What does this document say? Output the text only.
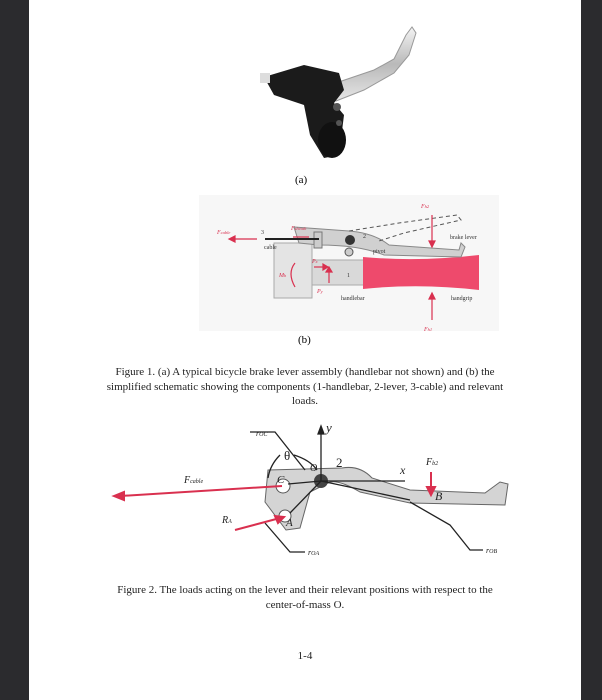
(a)
Fcable
Fsheath
Fh2
Fh1
Mh
Px
Py
3
cable
2
pivot
brake lever
1
handlebar	handgrip
(b)
Figure 1. (a) A typical bicycle brake lever assembly (handlebar not shown) and (b) the
simplified schematic showing the components (1-handlebar, 2-lever, 3-cable) and relevant
loads.
rOC	y
θ
O 2	x
Fb2
B
C
A
Fcable
RA
rOA	rOB
Figure 2. The loads acting on the lever and their relevant positions with respect to the
center-of-mass O.
1-4
